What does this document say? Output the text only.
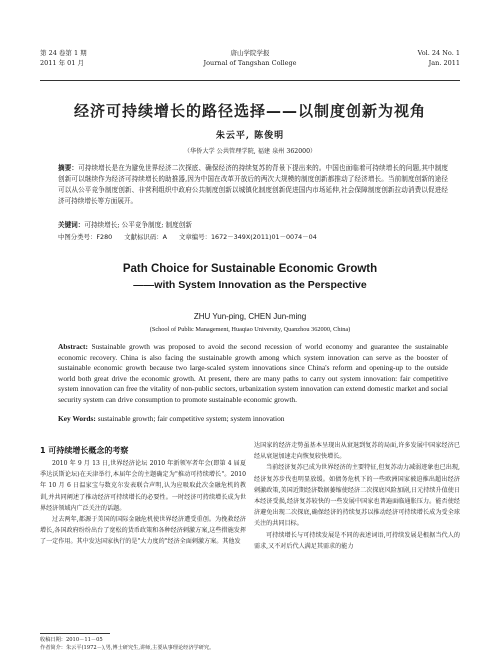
第 24 卷第 1 期
2011 年 01 月
唐山学院学报
Journal of Tangshan College
Vol. 24 No. 1
Jan. 2011
经济可持续增长的路径选择——以制度创新为视角
朱云平, 陈俊明
（华侨大学 公共管理学院, 福建 泉州 362000）
摘要：可持续增长是在为避免世界经济二次探底、确保经济的持续复苏的背景下提出来的。中国也面临着可持续增长的问题,其中制度创新可以继续作为经济可持续增长的助推器,因为中国在改革开放后的两次大规模的制度创新都推动了经济增长。当前制度创新的途径可以从公平竞争制度创新、非营利组织中政府公共制度创新以城镇化制度创新促进国内市场延伸,社会保障制度创新拉动消费以促进经济可持续增长等方面展开。
关键词：可持续增长; 公平竞争制度; 制度创新
中图分类号：F280 文献标识码：A 文章编号：1672－349X(2011)01－0074－04
Path Choice for Sustainable Economic Growth
——with System Innovation as the Perspective
ZHU Yun-ping, CHEN Jun-ming
(School of Public Management, Huaqiao University, Quanzhou 362000, China)
Abstract: Sustainable growth was proposed to avoid the second recession of world economy and guarantee the sustainable economic recovery. China is also facing the sustainable growth among which system innovation can serve as the booster of sustainable economic growth because two large-scaled system innovations since China's reform and opening-up to the outside world both great drive the economic growth. At present, there are many paths to carry out system innovation: fair competitive system innovation can free the vitality of non-public sectors, urbanization system innovation can extend domestic market and social security system can drive consumption to promote sustainable economic growth.
Key Words: sustainable growth; fair competitive system; system innovation
1 可持续增长概念的考察

2010 年 9 月 13 日,世界经济论坛 2010 年新领军者年会(即第 4 届夏季达沃斯论坛)在天津举行,本届年会的主题确定为"推动可持续增长"。2010 年 10 月 6 日温家宝与数克尔发表联合声明,认为应吸取此次金融危机的教训,并共同阐述了推动经济可持续增长的必要性。一时经济可持续增长成为世界经济领域内广泛关注的话题。

过去两年,都源于美国的国际金融危机使世界经济遭受重创。为挽救经济增长,各国政府纷纷出台了宽松的货币政策和各种经济刺激方案,这些措施发挥了一定作用。其中发达国家执行的是"大力度的"经济全面刺激方案。其他发

达国家的经济走势虽基本呈现出从衰退到复苏的局面,许多发展中国家经济已经从衰退加速走向恢复较快增长。

当前经济复苏已成为世界经济的主要特征,但复苏动力减弱迹象也已出现,经济复苏步伐也明显放缓。如债务危机下的一些欧洲国家被迫推出超出经济刺激政策,美国近期经济数据萎缩使经济二次探底风险加剧,日元持续升值使日本经济受损,经济复苏较快的一些发展中国家也普遍面临通胀压力。能否使经济避免出现二次探底,确保经济的持续复苏以推动经济可持续增长成为受全球关注的共同目标。

可持续增长与可持续发展是不同的表述词语,可持续发展是根据当代人的需求,又不对后代人满足其需求的能力

收稿日期：2010－11－05
作者简介：朱云平(1972－),男,博士研究生,讲师,主要从事理论经济学研究。
